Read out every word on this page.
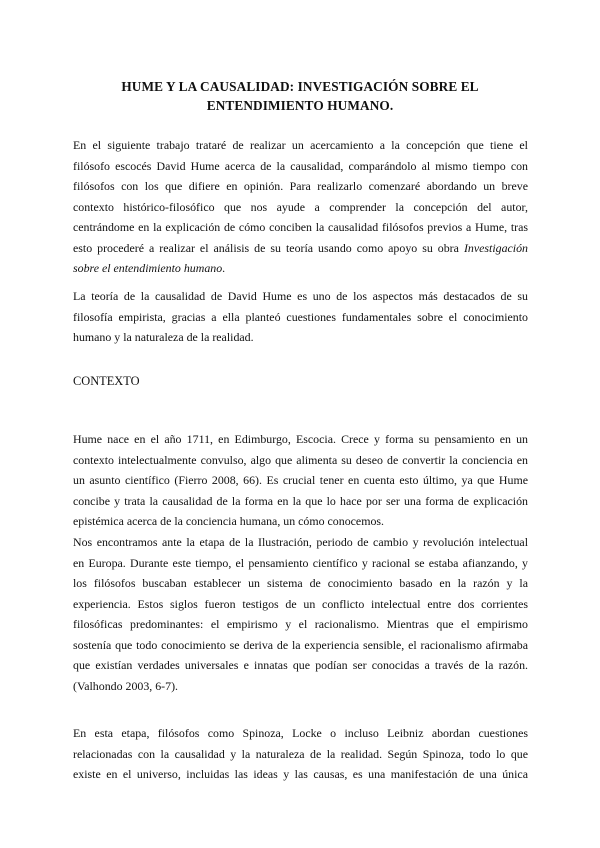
HUME Y LA CAUSALIDAD: INVESTIGACIÓN SOBRE EL
ENTENDIMIENTO HUMANO.
En el siguiente trabajo trataré de realizar un acercamiento a la concepción que tiene el
filósofo escocés David Hume acerca de la causalidad, comparándolo al mismo tiempo con
filósofos con los que difiere en opinión. Para realizarlo comenzaré abordando un breve
contexto histórico-filosófico que nos ayude a comprender la concepción del autor,
centrándome en la explicación de cómo conciben la causalidad filósofos previos a Hume, tras
esto procederé a realizar el análisis de su teoría usando como apoyo su obra Investigación
sobre el entendimiento humano.
La teoría de la causalidad de David Hume es uno de los aspectos más destacados de su
filosofía empirista, gracias a ella planteó cuestiones fundamentales sobre el conocimiento
humano y la naturaleza de la realidad.
CONTEXTO
Hume nace en el año 1711, en Edimburgo, Escocia. Crece y forma su pensamiento en un
contexto intelectualmente convulso, algo que alimenta su deseo de convertir la conciencia en
un asunto científico (Fierro 2008, 66). Es crucial tener en cuenta esto último, ya que Hume
concibe y trata la causalidad de la forma en la que lo hace por ser una forma de explicación
epistémica acerca de la conciencia humana, un cómo conocemos.
Nos encontramos ante la etapa de la Ilustración, periodo de cambio y revolución intelectual
en Europa. Durante este tiempo, el pensamiento científico y racional se estaba afianzando, y
los filósofos buscaban establecer un sistema de conocimiento basado en la razón y la
experiencia. Estos siglos fueron testigos de un conflicto intelectual entre dos corrientes
filosóficas predominantes: el empirismo y el racionalismo. Mientras que el empirismo
sostenía que todo conocimiento se deriva de la experiencia sensible, el racionalismo afirmaba
que existían verdades universales e innatas que podían ser conocidas a través de la razón.
(Valhondo 2003, 6-7).
En esta etapa, filósofos como Spinoza, Locke o incluso Leibniz abordan cuestiones
relacionadas con la causalidad y la naturaleza de la realidad. Según Spinoza, todo lo que
existe en el universo, incluidas las ideas y las causas, es una manifestación de una única
